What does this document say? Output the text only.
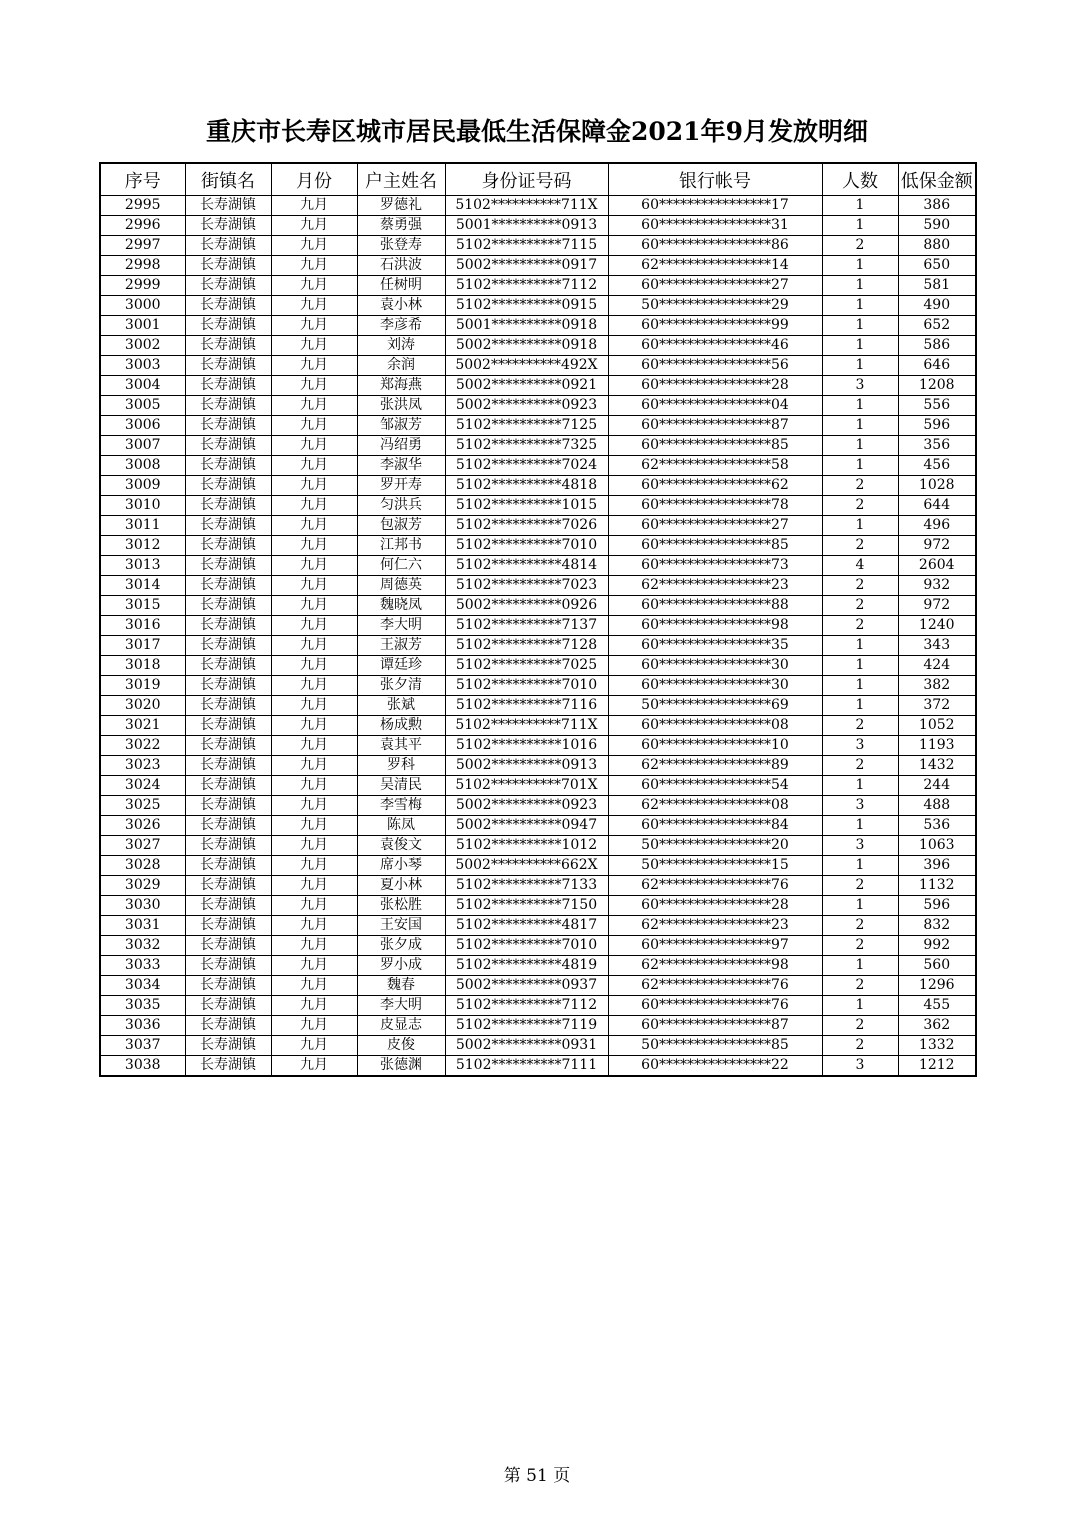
重庆市长寿区城市居民最低生活保障金2021年9月发放明细
序号	街镇名	月份	户主姓名	身份证号码	银行帐号	人数	低保金额
2995	长寿湖镇	九月	罗德礼	5102**********711X	60****************17	1	386
2996	长寿湖镇	九月	蔡勇强	5001**********0913	60****************31	1	590
2997	长寿湖镇	九月	张登寿	5102**********7115	60****************86	2	880
2998	长寿湖镇	九月	石洪波	5002**********0917	62****************14	1	650
2999	长寿湖镇	九月	任树明	5102**********7112	60****************27	1	581
3000	长寿湖镇	九月	袁小林	5102**********0915	50****************29	1	490
3001	长寿湖镇	九月	李彦希	5001**********0918	60****************99	1	652
3002	长寿湖镇	九月	刘涛	5002**********0918	60****************46	1	586
3003	长寿湖镇	九月	余润	5002**********492X	60****************56	1	646
3004	长寿湖镇	九月	郑海燕	5002**********0921	60****************28	3	1208
3005	长寿湖镇	九月	张洪凤	5002**********0923	60****************04	1	556
3006	长寿湖镇	九月	邹淑芳	5102**********7125	60****************87	1	596
3007	长寿湖镇	九月	冯绍勇	5102**********7325	60****************85	1	356
3008	长寿湖镇	九月	李淑华	5102**********7024	62****************58	1	456
3009	长寿湖镇	九月	罗开寿	5102**********4818	60****************62	2	1028
3010	长寿湖镇	九月	匀洪兵	5102**********1015	60****************78	2	644
3011	长寿湖镇	九月	包淑芳	5102**********7026	60****************27	1	496
3012	长寿湖镇	九月	江邦书	5102**********7010	60****************85	2	972
3013	长寿湖镇	九月	何仁六	5102**********4814	60****************73	4	2604
3014	长寿湖镇	九月	周德英	5102**********7023	62****************23	2	932
3015	长寿湖镇	九月	魏晓凤	5002**********0926	60****************88	2	972
3016	长寿湖镇	九月	李大明	5102**********7137	60****************98	2	1240
3017	长寿湖镇	九月	王淑芳	5102**********7128	60****************35	1	343
3018	长寿湖镇	九月	谭廷珍	5102**********7025	60****************30	1	424
3019	长寿湖镇	九月	张夕清	5102**********7010	60****************30	1	382
3020	长寿湖镇	九月	张斌	5102**********7116	50****************69	1	372
3021	长寿湖镇	九月	杨成勲	5102**********711X	60****************08	2	1052
3022	长寿湖镇	九月	袁其平	5102**********1016	60****************10	3	1193
3023	长寿湖镇	九月	罗科	5002**********0913	62****************89	2	1432
3024	长寿湖镇	九月	吴清民	5102**********701X	60****************54	1	244
3025	长寿湖镇	九月	李雪梅	5002**********0923	62****************08	3	488
3026	长寿湖镇	九月	陈凤	5002**********0947	60****************84	1	536
3027	长寿湖镇	九月	袁俊文	5102**********1012	50****************20	3	1063
3028	长寿湖镇	九月	席小琴	5002**********662X	50****************15	1	396
3029	长寿湖镇	九月	夏小林	5102**********7133	62****************76	2	1132
3030	长寿湖镇	九月	张松胜	5102**********7150	60****************28	1	596
3031	长寿湖镇	九月	王安国	5102**********4817	62****************23	2	832
3032	长寿湖镇	九月	张夕成	5102**********7010	60****************97	2	992
3033	长寿湖镇	九月	罗小成	5102**********4819	62****************98	1	560
3034	长寿湖镇	九月	魏春	5002**********0937	62****************76	2	1296
3035	长寿湖镇	九月	李大明	5102**********7112	60****************76	1	455
3036	长寿湖镇	九月	皮显志	5102**********7119	60****************87	2	362
3037	长寿湖镇	九月	皮俊	5002**********0931	50****************85	2	1332
3038	长寿湖镇	九月	张德渊	5102**********7111	60****************22	3	1212
第 51 页
